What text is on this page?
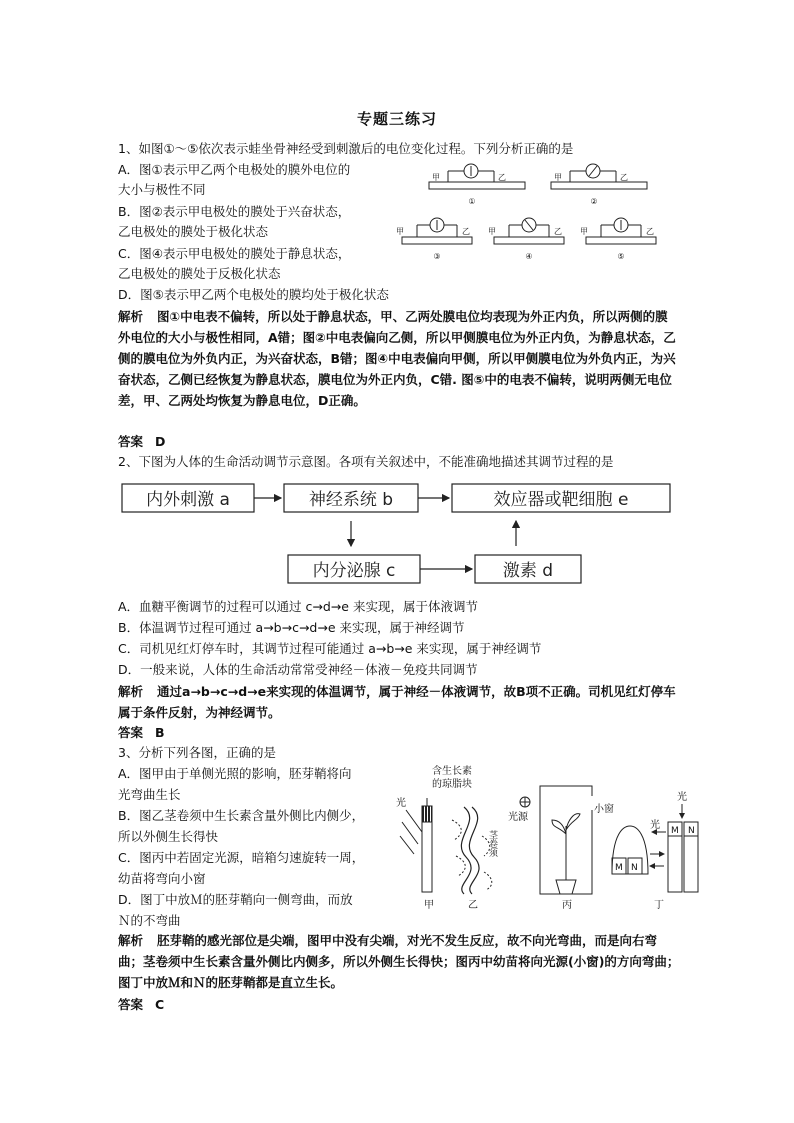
专题三练习
1、如图①～⑤依次表示蛙坐骨神经受到刺激后的电位变化过程。下列分析正确的是
A．图①表示甲乙两个电极处的膜外电位的
大小与极性不同
B．图②表示甲电极处的膜处于兴奋状态，
乙电极处的膜处于极化状态
C．图④表示甲电极处的膜处于静息状态，
乙电极处的膜处于反极化状态
D．图⑤表示甲乙两个电极处的膜均处于极化状态
甲	乙	甲	乙
甲	乙 甲	乙 甲	乙
①	②
③	④	⑤
解析 图①中电表不偏转，所以处于静息状态，甲、乙两处膜电位均表现为外正内负，所以两侧的膜外电位的大小与极性相同，A错；图②中电表偏向乙侧，所以甲侧膜电位为外正内负，为静息状态，乙侧的膜电位为外负内正，为兴奋状态，B错；图④中电表偏向甲侧，所以甲侧膜电位为外负内正，为兴奋状态，乙侧已经恢复为静息状态，膜电位为外正内负，C错. 图⑤中的电表不偏转，说明两侧无电位差，甲、乙两处均恢复为静息电位，D正确。
答案 D
2、下图为人体的生命活动调节示意图。各项有关叙述中，不能准确地描述其调节过程的是
内外刺激 a	神经系统 b	效应器或靶细胞 e
内分泌腺 c	激素 d
A．血糖平衡调节的过程可以通过 c→d→e 来实现，属于体液调节
B．体温调节过程可通过 a→b→c→d→e 来实现，属于神经调节
C．司机见红灯停车时，其调节过程可能通过 a→b→e 来实现，属于神经调节
D．一般来说，人体的生命活动常常受神经－体液－免疫共同调节
解析 通过a→b→c→d→e来实现的体温调节，属于神经－体液调节，故B项不正确。司机见红灯停车属于条件反射，为神经调节。
答案 B
3、分析下列各图，正确的是
A．图甲由于单侧光照的影响，胚芽鞘将向
光弯曲生长
B．图乙茎卷须中生长素含量外侧比内侧少，
所以外侧生长得快
C．图丙中若固定光源，暗箱匀速旋转一周，
幼苗将弯向小窗
D．图丁中放Ｍ的胚芽鞘向一侧弯曲，而放
Ｎ的不弯曲
含生长素
的琼脂块
光
光源
小窗
光
光
茎卷须
M N
M N
甲	乙	丙	丁
解析 胚芽鞘的感光部位是尖端，图甲中没有尖端，对光不发生反应，故不向光弯曲，而是向右弯曲；茎卷须中生长素含量外侧比内侧多，所以外侧生长得快；图丙中幼苗将向光源(小窗)的方向弯曲；图丁中放Ｍ和Ｎ的胚芽鞘都是直立生长。
答案 C
